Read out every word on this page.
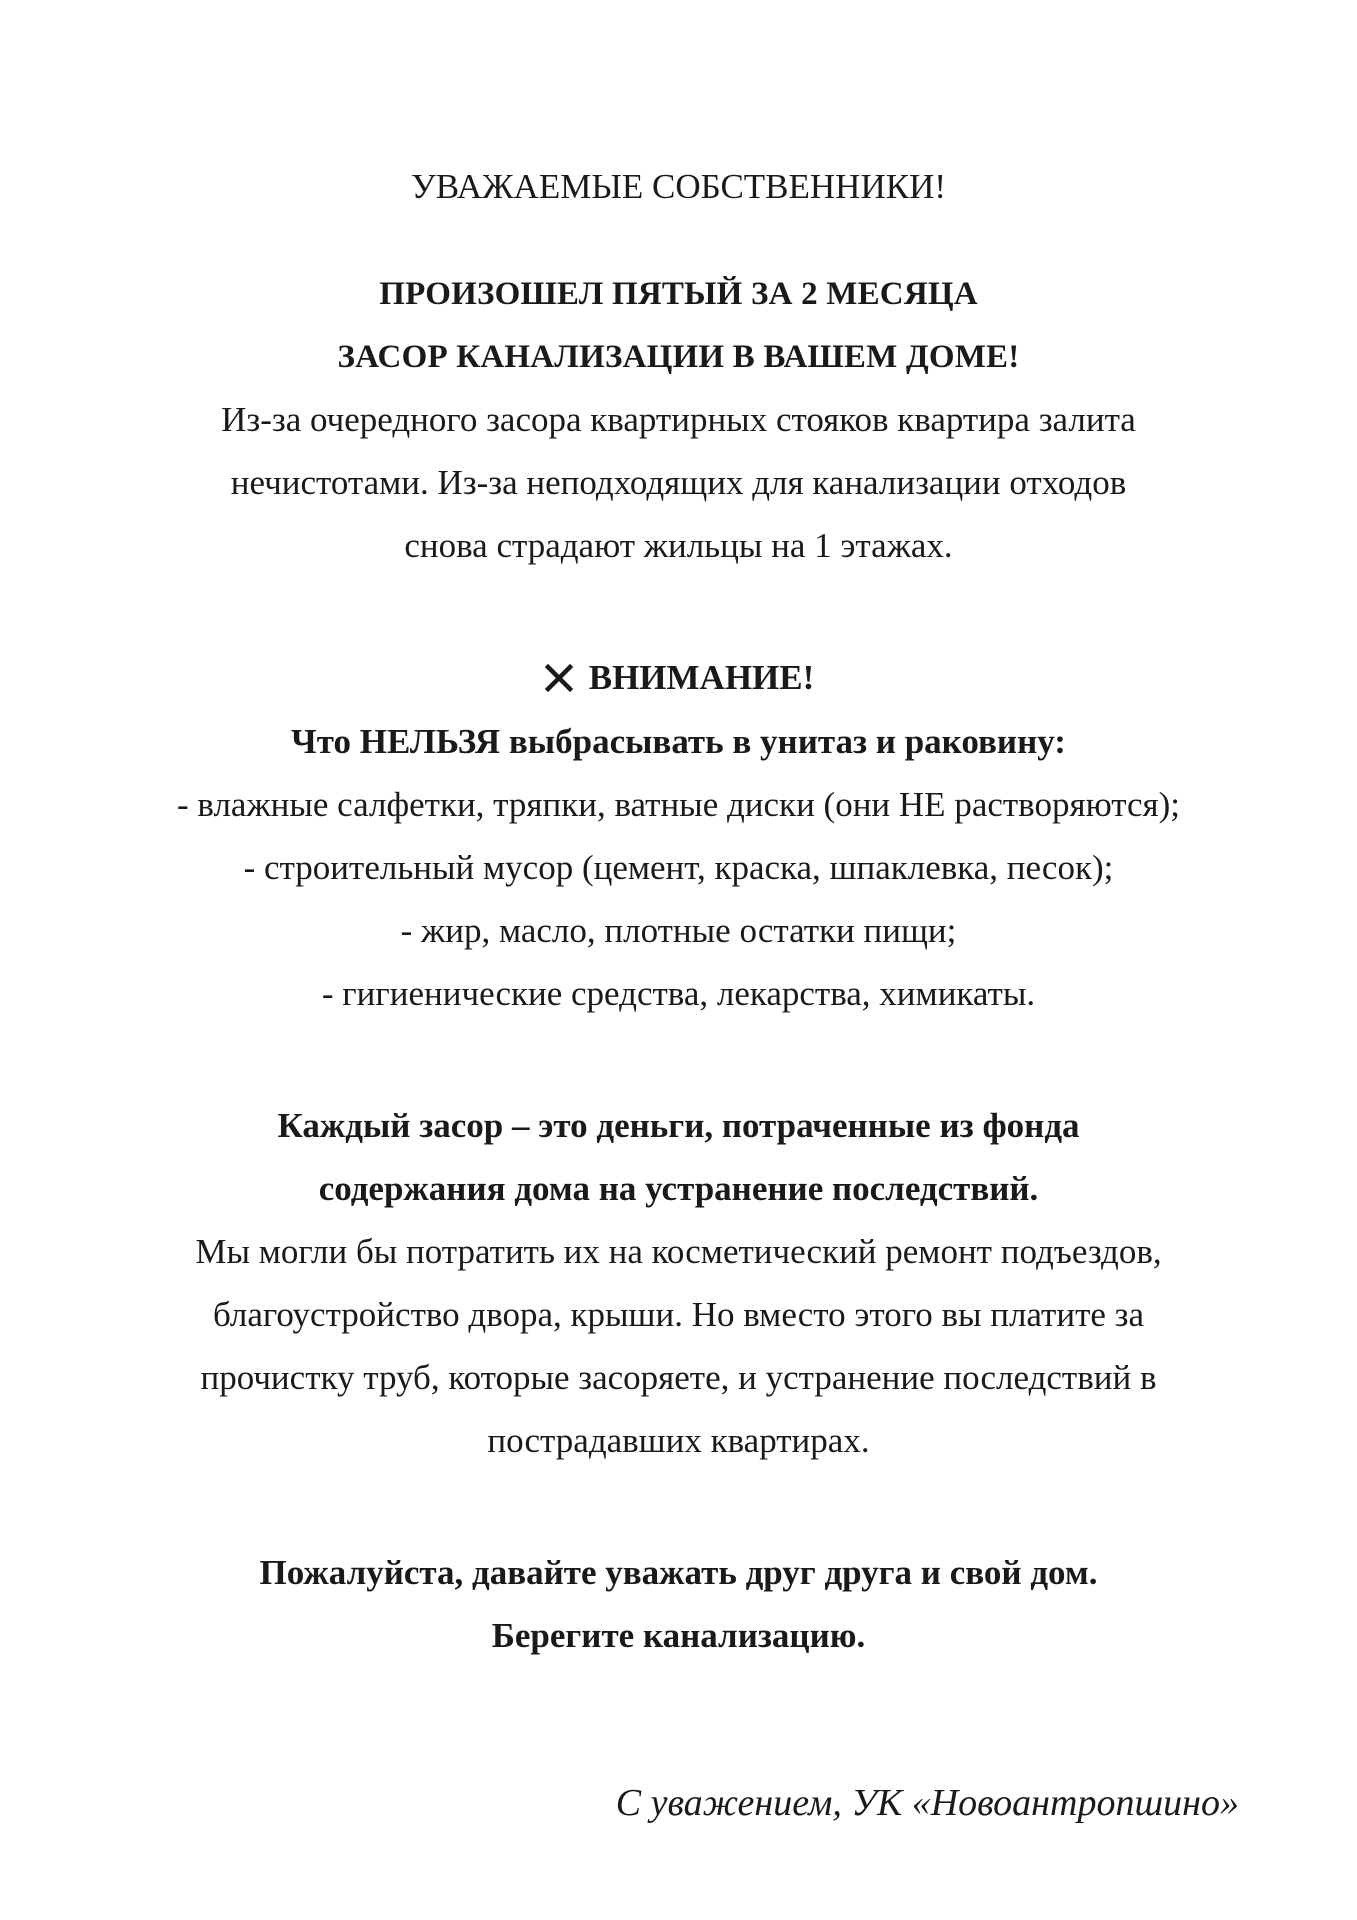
УВАЖАЕМЫЕ СОБСТВЕННИКИ!
ПРОИЗОШЕЛ ПЯТЫЙ ЗА 2 МЕСЯЦА
ЗАСОР КАНАЛИЗАЦИИ В ВАШЕМ ДОМЕ!
Из-за очередного засора квартирных стояков квартира залита
нечистотами. Из-за неподходящих для канализации отходов
снова страдают жильцы на 1 этажах.
ВНИМАНИЕ!
Что НЕЛЬЗЯ выбрасывать в унитаз и раковину:
- влажные салфетки, тряпки, ватные диски (они НЕ растворяются);
- строительный мусор (цемент, краска, шпаклевка, песок);
- жир, масло, плотные остатки пищи;
- гигиенические средства, лекарства, химикаты.
Каждый засор – это деньги, потраченные из фонда
содержания дома на устранение последствий.
Мы могли бы потратить их на косметический ремонт подъездов,
благоустройство двора, крыши. Но вместо этого вы платите за
прочистку труб, которые засоряете, и устранение последствий в
пострадавших квартирах.
Пожалуйста, давайте уважать друг друга и свой дом.
Берегите канализацию.
С уважением, УК «Новоантропшино»
